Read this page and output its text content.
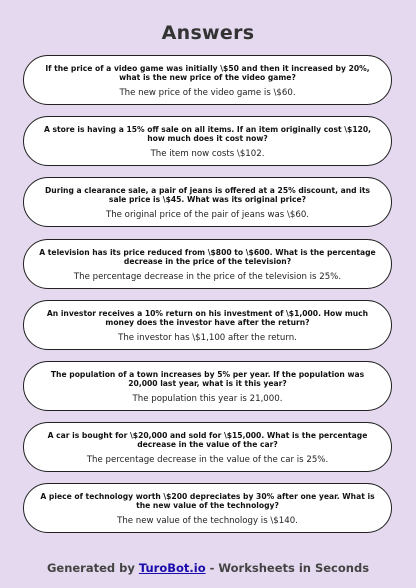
Answers
If the price of a video game was initially \$50 and then it increased by 20%, what is the new price of the video game?
The new price of the video game is \$60.
A store is having a 15% off sale on all items. If an item originally cost \$120, how much does it cost now?
The item now costs \$102.
During a clearance sale, a pair of jeans is offered at a 25% discount, and its sale price is \$45. What was its original price?
The original price of the pair of jeans was \$60.
A television has its price reduced from \$800 to \$600. What is the percentage decrease in the price of the television?
The percentage decrease in the price of the television is 25%.
An investor receives a 10% return on his investment of \$1,000. How much money does the investor have after the return?
The investor has \$1,100 after the return.
The population of a town increases by 5% per year. If the population was 20,000 last year, what is it this year?
The population this year is 21,000.
A car is bought for \$20,000 and sold for \$15,000. What is the percentage decrease in the value of the car?
The percentage decrease in the value of the car is 25%.
A piece of technology worth \$200 depreciates by 30% after one year. What is the new value of the technology?
The new value of the technology is \$140.
Generated by TuroBot.io - Worksheets in Seconds
